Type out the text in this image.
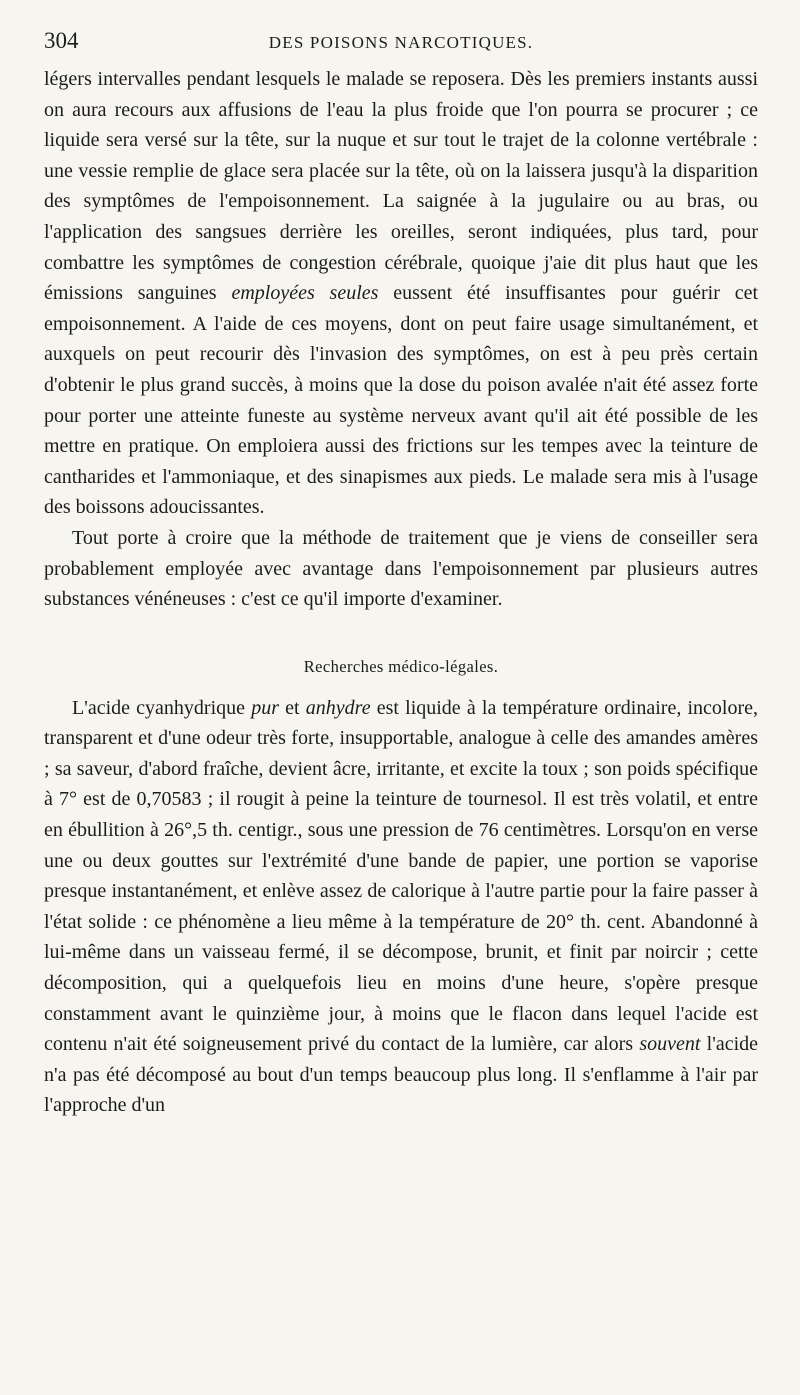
304	DES POISONS NARCOTIQUES.

légers intervalles pendant lesquels le malade se reposera. Dès les premiers instants aussi on aura recours aux affusions de l'eau la plus froide que l'on pourra se procurer ; ce liquide sera versé sur la tête, sur la nuque et sur tout le trajet de la colonne vertébrale : une vessie remplie de glace sera placée sur la tête, où on la laissera jusqu'à la disparition des symptômes de l'empoisonnement. La saignée à la jugulaire ou au bras, ou l'application des sangsues derrière les oreilles, seront indiquées, plus tard, pour combattre les symptômes de congestion cérébrale, quoique j'aie dit plus haut que les émissions sanguines employées seules eussent été insuffisantes pour guérir cet empoisonnement. A l'aide de ces moyens, dont on peut faire usage simultanément, et auxquels on peut recourir dès l'invasion des symptômes, on est à peu près certain d'obtenir le plus grand succès, à moins que la dose du poison avalée n'ait été assez forte pour porter une atteinte funeste au système nerveux avant qu'il ait été possible de les mettre en pratique. On emploiera aussi des frictions sur les tempes avec la teinture de cantharides et l'ammoniaque, et des sinapismes aux pieds. Le malade sera mis à l'usage des boissons adoucissantes.

Tout porte à croire que la méthode de traitement que je viens de conseiller sera probablement employée avec avantage dans l'empoisonnement par plusieurs autres substances vénéneuses : c'est ce qu'il importe d'examiner.

Recherches médico-légales.

L'acide cyanhydrique pur et anhydre est liquide à la température ordinaire, incolore, transparent et d'une odeur très forte, insupportable, analogue à celle des amandes amères ; sa saveur, d'abord fraîche, devient âcre, irritante, et excite la toux ; son poids spécifique à 7° est de 0,70583 ; il rougit à peine la teinture de tournesol. Il est très volatil, et entre en ébullition à 26°,5 th. centigr., sous une pression de 76 centimètres. Lorsqu'on en verse une ou deux gouttes sur l'extrémité d'une bande de papier, une portion se vaporise presque instantanément, et enlève assez de calorique à l'autre partie pour la faire passer à l'état solide : ce phénomène a lieu même à la température de 20° th. cent. Abandonné à lui-même dans un vaisseau fermé, il se décompose, brunit, et finit par noircir ; cette décomposition, qui a quelquefois lieu en moins d'une heure, s'opère presque constamment avant le quinzième jour, à moins que le flacon dans lequel l'acide est contenu n'ait été soigneusement privé du contact de la lumière, car alors souvent l'acide n'a pas été décomposé au bout d'un temps beaucoup plus long. Il s'enflamme à l'air par l'approche d'un
